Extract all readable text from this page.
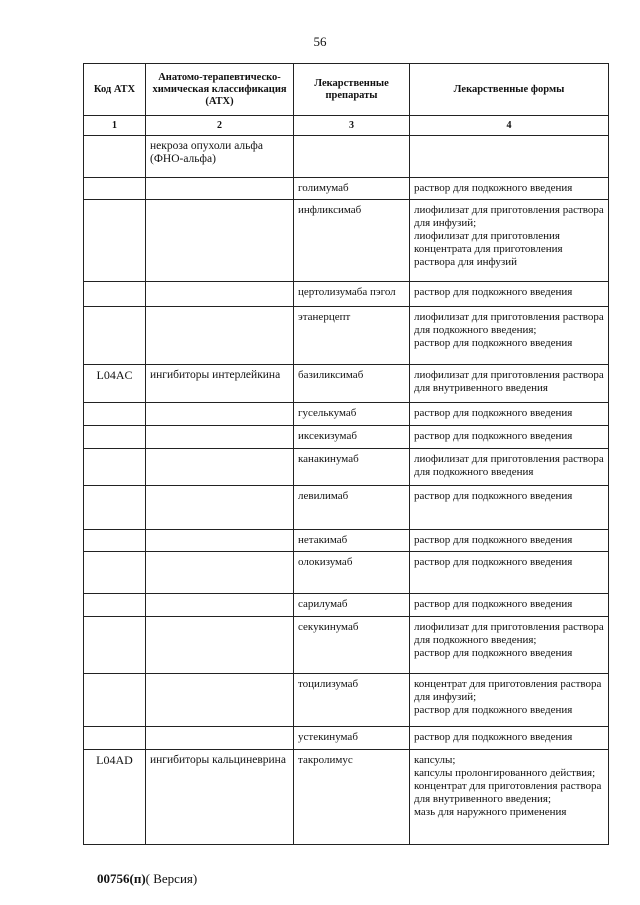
56
Код АТХ	Анатомо-терапевтическо-химическая классификация (АТХ)	Лекарственные препараты	Лекарственные формы
1	2	3	4
	некроза опухоли альфа (ФНО-альфа)		
		голимумаб	раствор для подкожного введения
		инфликсимаб	лиофилизат для приготовления раствора для инфузий;
лиофилизат для приготовления концентрата для приготовления раствора для инфузий
		цертолизумаба пэгол	раствор для подкожного введения
		этанерцепт	лиофилизат для приготовления раствора для подкожного введения;
раствор для подкожного введения
L04AC	ингибиторы интерлейкина	базиликсимаб	лиофилизат для приготовления раствора для внутривенного введения
		гуселькумаб	раствор для подкожного введения
		иксекизумаб	раствор для подкожного введения
		канакинумаб	лиофилизат для приготовления раствора для подкожного введения
		левилимаб	раствор для подкожного введения
		нетакимаб	раствор для подкожного введения
		олокизумаб	раствор для подкожного введения
		сарилумаб	раствор для подкожного введения
		секукинумаб	лиофилизат для приготовления раствора для подкожного введения;
раствор для подкожного введения
		тоцилизумаб	концентрат для приготовления раствора для инфузий;
раствор для подкожного введения
		устекинумаб	раствор для подкожного введения
L04AD	ингибиторы кальциневрина	такролимус	капсулы;
капсулы пролонгированного действия;
концентрат для приготовления раствора для внутривенного введения;
мазь для наружного применения
00756(п)( Версия)
